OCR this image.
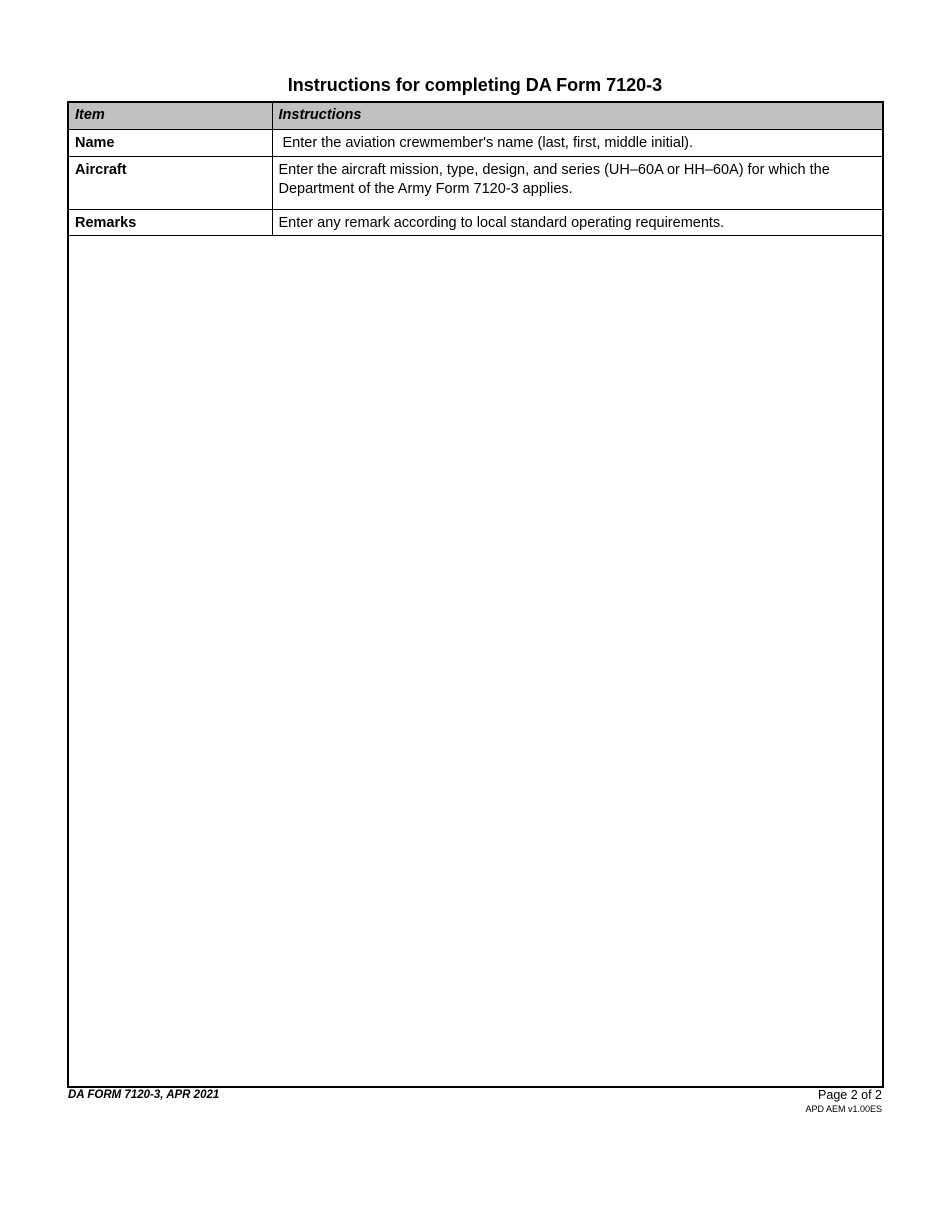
Instructions for completing DA Form 7120-3
Item	Instructions
Name	Enter the aviation crewmember's name (last, first, middle initial).
Aircraft	Enter the aircraft mission, type, design, and series (UH–60A or HH–60A) for which the Department of the Army Form 7120-3 applies.
Remarks	Enter any remark according to local standard operating requirements.
DA FORM 7120-3, APR 2021	Page 2 of 2
APD AEM v1.00ES
